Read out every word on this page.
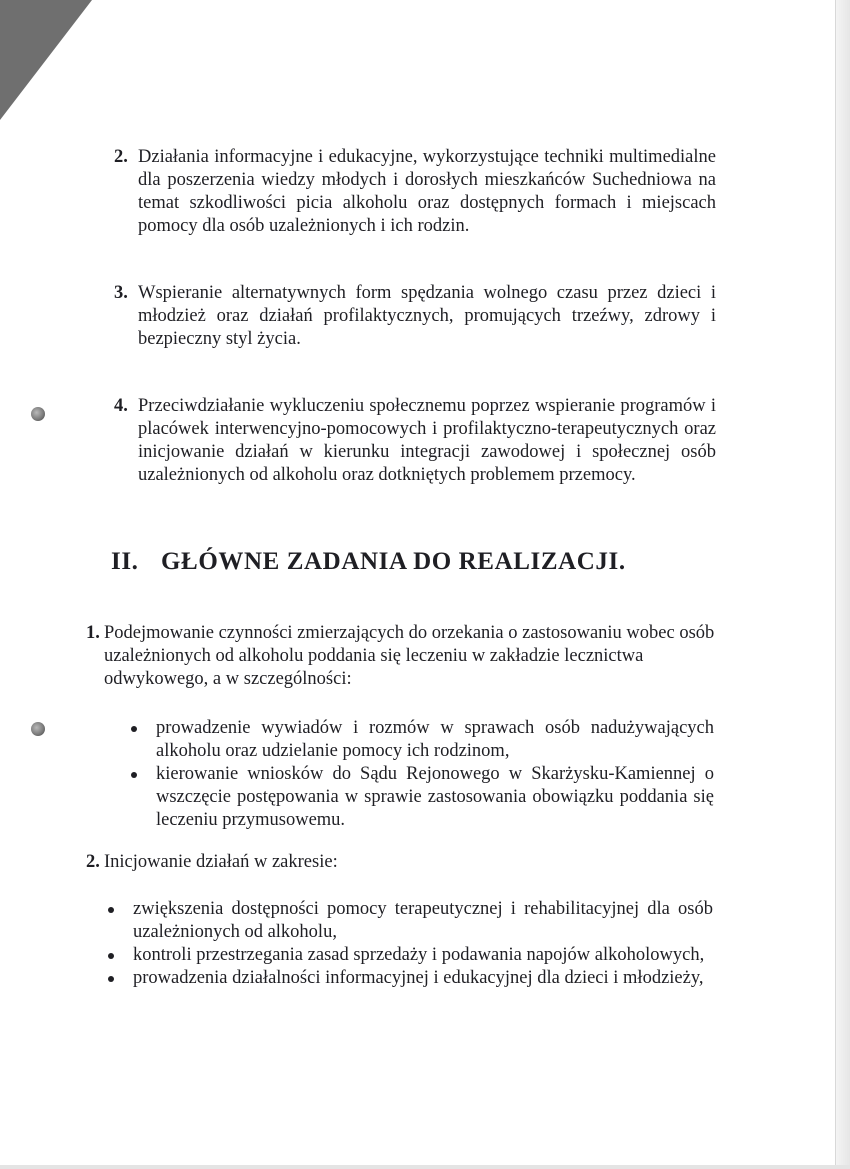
2. Działania informacyjne i edukacyjne, wykorzystujące techniki multimedialne dla poszerzenia wiedzy młodych i dorosłych mieszkańców Suchedniowa na temat szkodliwości picia alkoholu oraz dostępnych formach i miejscach pomocy dla osób uzależnionych i ich rodzin.
3. Wspieranie alternatywnych form spędzania wolnego czasu przez dzieci i młodzież oraz działań profilaktycznych, promujących trzeźwy, zdrowy i bezpieczny styl życia.
4. Przeciwdziałanie wykluczeniu społecznemu poprzez wspieranie programów i placówek interwencyjno-pomocowych i profilaktyczno-terapeutycznych oraz inicjowanie działań w kierunku integracji zawodowej i społecznej osób uzależnionych od alkoholu oraz dotkniętych problemem przemocy.
II. GŁÓWNE ZADANIA DO REALIZACJI.
1. Podejmowanie czynności zmierzających do orzekania o zastosowaniu wobec osób uzależnionych od alkoholu poddania się leczeniu w zakładzie lecznictwa odwykowego, a w szczególności:
prowadzenie wywiadów i rozmów w sprawach osób nadużywających alkoholu oraz udzielanie pomocy ich rodzinom,
kierowanie wniosków do Sądu Rejonowego w Skarżysku-Kamiennej o wszczęcie postępowania w sprawie zastosowania obowiązku poddania się leczeniu przymusowemu.
2. Inicjowanie działań w zakresie:
zwiększenia dostępności pomocy terapeutycznej i rehabilitacyjnej dla osób uzależnionych od alkoholu,
kontroli przestrzegania zasad sprzedaży i podawania napojów alkoholowych,
prowadzenia działalności informacyjnej i edukacyjnej dla dzieci i młodzieży,
